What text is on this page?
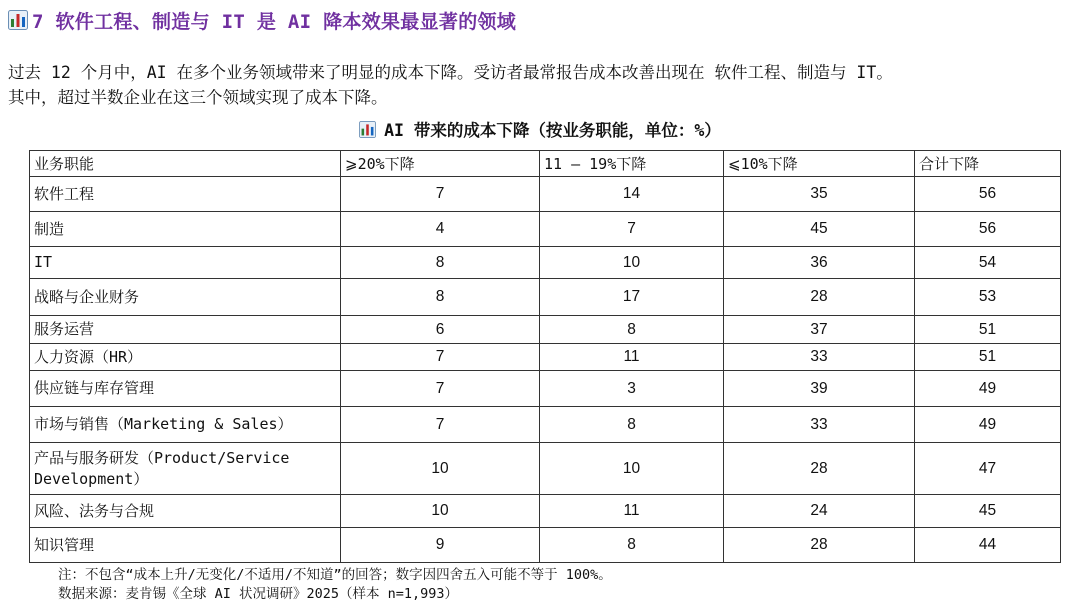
7 软件工程、制造与 IT 是 AI 降本效果最显著的领域

过去 12 个月中，AI 在多个业务领域带来了明显的成本下降。受访者最常报告成本改善出现在 软件工程、制造与 IT。

其中，超过半数企业在这三个领域实现了成本下降。

AI 带来的成本下降（按业务职能，单位：%）
业务职能	⩾20%下降	11 – 19%下降	⩽10%下降	合计下降
软件工程	7	14	35	56
制造	4	7	45	56
IT	8	10	36	54
战略与企业财务	8	17	28	53
服务运营	6	8	37	51
人力资源（HR）	7	11	33	51
供应链与库存管理	7	3	39	49
市场与销售（Marketing & Sales）	7	8	33	49
产品与服务研发（Product/Service Development）	10	10	28	47
风险、法务与合规	10	11	24	45
知识管理	9	8	28	44

注：不包含“成本上升/无变化/不适用/不知道”的回答；数字因四舍五入可能不等于 100%。

数据来源：麦肯锡《全球 AI 状况调研》2025（样本 n=1,993）
